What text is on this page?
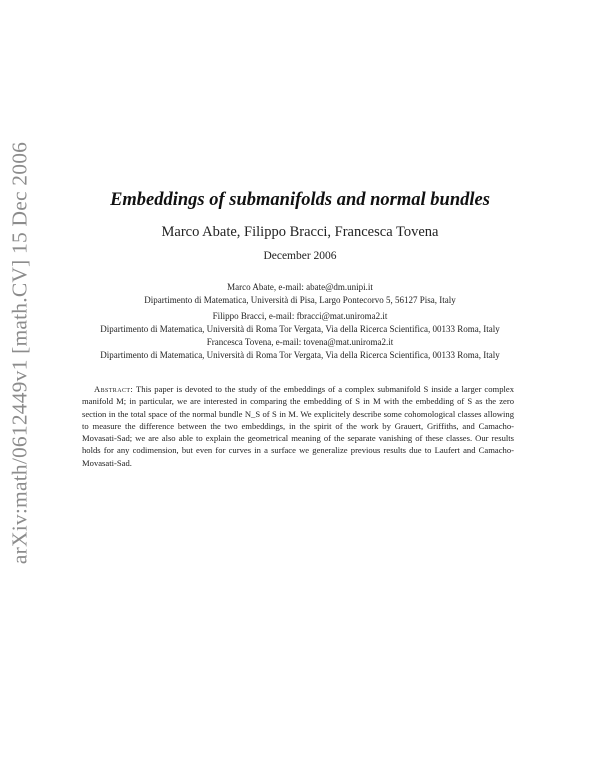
arXiv:math/0612449v1 [math.CV] 15 Dec 2006	Embeddings of submanifolds and normal bundles
Marco Abate, Filippo Bracci, Francesca Tovena
December 2006
Marco Abate, e-mail: abate@dm.unipi.it
Dipartimento di Matematica, Università di Pisa, Largo Pontecorvo 5, 56127 Pisa, Italy
Filippo Bracci, e-mail: fbracci@mat.uniroma2.it
Dipartimento di Matematica, Università di Roma Tor Vergata, Via della Ricerca Scientifica, 00133 Roma, Italy
Francesca Tovena, e-mail: tovena@mat.uniroma2.it
Dipartimento di Matematica, Università di Roma Tor Vergata, Via della Ricerca Scientifica, 00133 Roma, Italy
Abstract: This paper is devoted to the study of the embeddings of a complex submanifold S inside a larger complex manifold M; in particular, we are interested in comparing the embedding of S in M with the embedding of S as the zero section in the total space of the normal bundle N_S of S in M. We explicitely describe some cohomological classes allowing to measure the difference between the two embeddings, in the spirit of the work by Grauert, Griffiths, and Camacho-Movasati-Sad; we are also able to explain the geometrical meaning of the separate vanishing of these classes. Our results holds for any codimension, but even for curves in a surface we generalize previous results due to Laufert and Camacho-Movasati-Sad.
